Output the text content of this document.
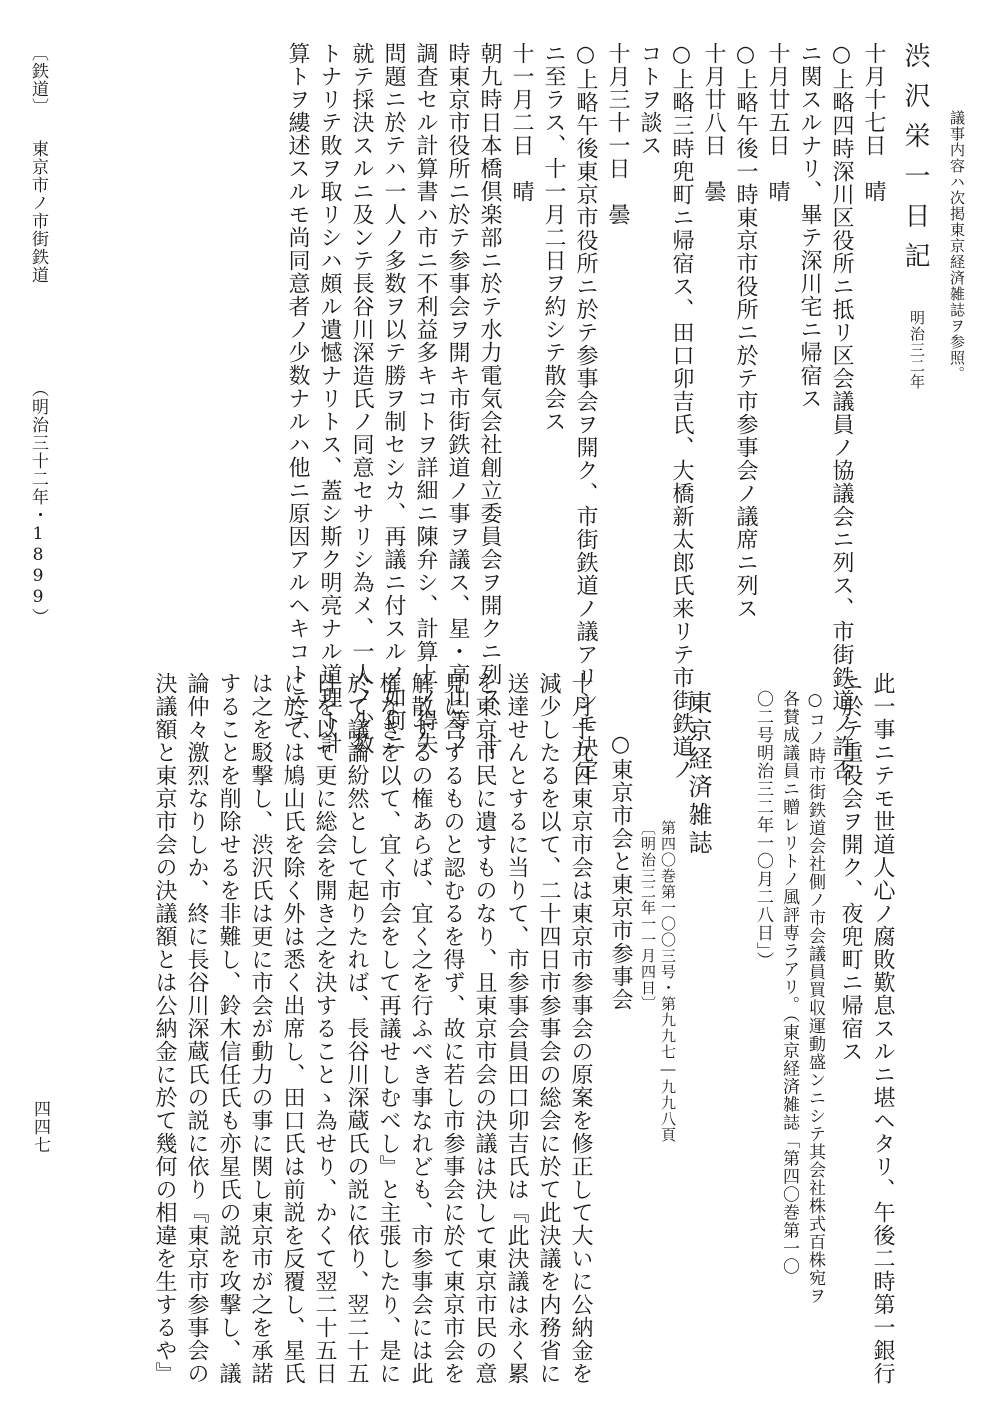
議事内容ハ次掲東京経済雑誌ヲ参照。
渋沢栄一日記
明治三二年
十月十七日　晴
○上略四時深川区役所ニ抵リ区会議員ノ協議会ニ列ス、市街鉄道ノ許否
ニ関スルナリ、畢テ深川宅ニ帰宿ス
十月廿五日　晴
○上略午後一時東京市役所ニ於テ市参事会ノ議席ニ列ス
十月廿八日　曇
○上略三時兜町ニ帰宿ス、田口卯吉氏、大橋新太郎氏来リテ市街鉄道ノ
コトヲ談ス
十月三十一日　曇
○上略午後東京市役所ニ於テ参事会ヲ開ク、市街鉄道ノ議アリシモ決定
ニ至ラス、十一月二日ヲ約シテ散会ス
十一月二日　晴
朝九時日本橋倶楽部ニ於テ水力電気会社創立委員会ヲ開クニ列ス、十
時東京市役所ニ於テ参事会ヲ開キ市街鉄道ノ事ヲ議ス、星・高山等ノ
調査セル計算書ハ市ニ不利益多キコトヲ詳細ニ陳弁シ、計算上ノ得失
問題ニ於テハ一人ノ多数ヲ以テ勝ヲ制セシカ、再議ニ付スルノ如何ニ
就テ採決スルニ及ンテ長谷川深造氏ノ同意セサリシ為メ、一人ノ少数
トナリテ敗ヲ取リシハ頗ル遺憾ナリトス、蓋シ斯ク明亮ナル道理ト計
算トヲ縷述スルモ尚同意者ノ少数ナルハ他ニ原因アルヘキコトニテ、
〔鉄道〕
東京市ノ市街鉄道
（明治三十二年・1899）
此一事ニテモ世道人心ノ腐敗歎息スルニ堪ヘタリ、午後二時第一銀行
ニ於テ重役会ヲ開ク、夜兜町ニ帰宿ス
○コノ時市街鉄道会社側ノ市会議員買収運動盛ンニシテ其会社株式百株宛ヲ
各賛成議員ニ贈レリトノ風評専ラアリ。（東京経済雑誌「第四〇巻第一〇
〇二号明治三二年一〇月二八日」）
東京経済雑誌
第四〇巻第一〇〇三号・第九九七―九九八頁
〔明治三二年一一月四日〕
○東京市会と東京市参事会
十月十九日東京市会は東京市参事会の原案を修正して大いに公納金を
減少したるを以て、二十四日市参事会の総会に於て此決議を内務省に
送達せんとするに当りて、市参事会員田口卯吉氏は『此決議は永く累
を東京市民に遺すものなり、且東京市会の決議は決して東京市民の意
見に合するものと認むるを得ず、故に若し市参事会に於て東京市会を
解散するの権あらば、宜く之を行ふべき事なれども、市参事会には此
権なきを以て、宜く市会をして再議せしむべし』と主張したり、是に
於て議論紛然として起りたれば、長谷川深蔵氏の説に依り、翌二十五
日を以て更に総会を開き之を決することゝ為せり、かくて翌二十五日
に於ては鳩山氏を除く外は悉く出席し、田口氏は前説を反覆し、星氏
は之を駁撃し、渋沢氏は更に市会が動力の事に関し東京市が之を承諾
することを削除せるを非難し、鈴木信任氏も亦星氏の説を攻撃し、議
論仲々激烈なりしか、終に長谷川深蔵氏の説に依り『東京市参事会の
決議額と東京市会の決議額とは公納金に於て幾何の相違を生するや』
四四七
